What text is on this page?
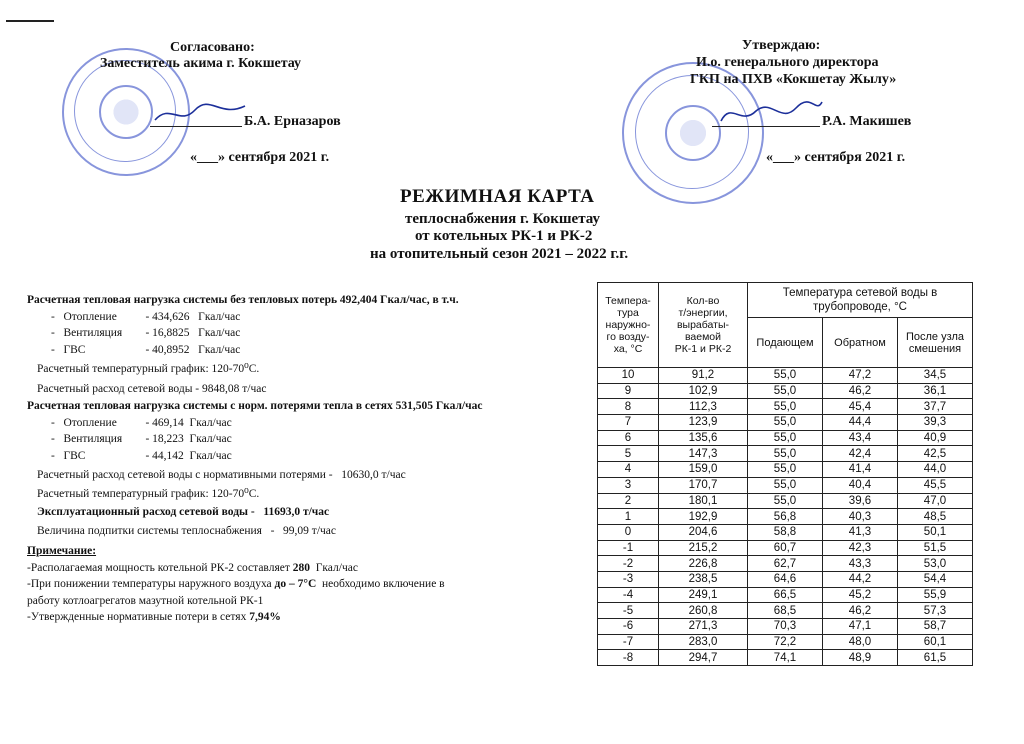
Согласовано:
Заместитель акима г. Кокшетау
Б.А. Ерназаров
«___» сентября 2021 г.
Утверждаю:
И.о. генерального директора
ГКП на ПХВ «Кокшетау Жылу»
Р.А. Макишев
«___» сентября 2021 г.
РЕЖИМНАЯ КАРТА
теплоснабжения г. Кокшетау
от котельных РК-1 и РК-2
на отопительный сезон 2021 – 2022 г.г.
Расчетная тепловая нагрузка системы без тепловых потерь 492,404 Гкал/час, в т.ч.
-   Отопление - 434,626   Гкал/час
-   Вентиляция - 16,8825   Гкал/час
-   ГВС	- 40,8952   Гкал/час
Расчетный температурный график: 120-70⁰С.
Расчетный расход сетевой воды - 9848,08 т/час
Расчетная тепловая нагрузка системы с норм. потерями тепла в сетях 531,505 Гкал/час
-   Отопление - 469,14  Гкал/час
-   Вентиляция - 18,223  Гкал/час
-   ГВС	- 44,142  Гкал/час
Расчетный расход сетевой воды с нормативными потерями -   10630,0 т/час
Расчетный температурный график: 120-70⁰С.
Эксплуатационный расход сетевой воды -   11693,0 т/час
Величина подпитки системы теплоснабжения   -   99,09 т/час
Примечание:
-Располагаемая мощность котельной РК-2 составляет 280  Гкал/час
-При понижении температуры наружного воздуха до – 7°С  необходимо включение в
работу котлоагрегатов мазутной котельной РК-1
-Утвержденные нормативные потери в сетях 7,94%
Темпера-
тура
наружно-
го возду-
ха, °С	Кол-во
т/энергии,
вырабаты-
ваемой
РК-1 и РК-2	Температура сетевой воды в
трубопроводе, °С		
		Подающем	Обратном	После узла
смешения
10	91,2	55,0	47,2	34,5
9	102,9	55,0	46,2	36,1
8	112,3	55,0	45,4	37,7
7	123,9	55,0	44,4	39,3
6	135,6	55,0	43,4	40,9
5	147,3	55,0	42,4	42,5
4	159,0	55,0	41,4	44,0
3	170,7	55,0	40,4	45,5
2	180,1	55,0	39,6	47,0
1	192,9	56,8	40,3	48,5
0	204,6	58,8	41,3	50,1
-1	215,2	60,7	42,3	51,5
-2	226,8	62,7	43,3	53,0
-3	238,5	64,6	44,2	54,4
-4	249,1	66,5	45,2	55,9
-5	260,8	68,5	46,2	57,3
-6	271,3	70,3	47,1	58,7
-7	283,0	72,2	48,0	60,1
-8	294,7	74,1	48,9	61,5
